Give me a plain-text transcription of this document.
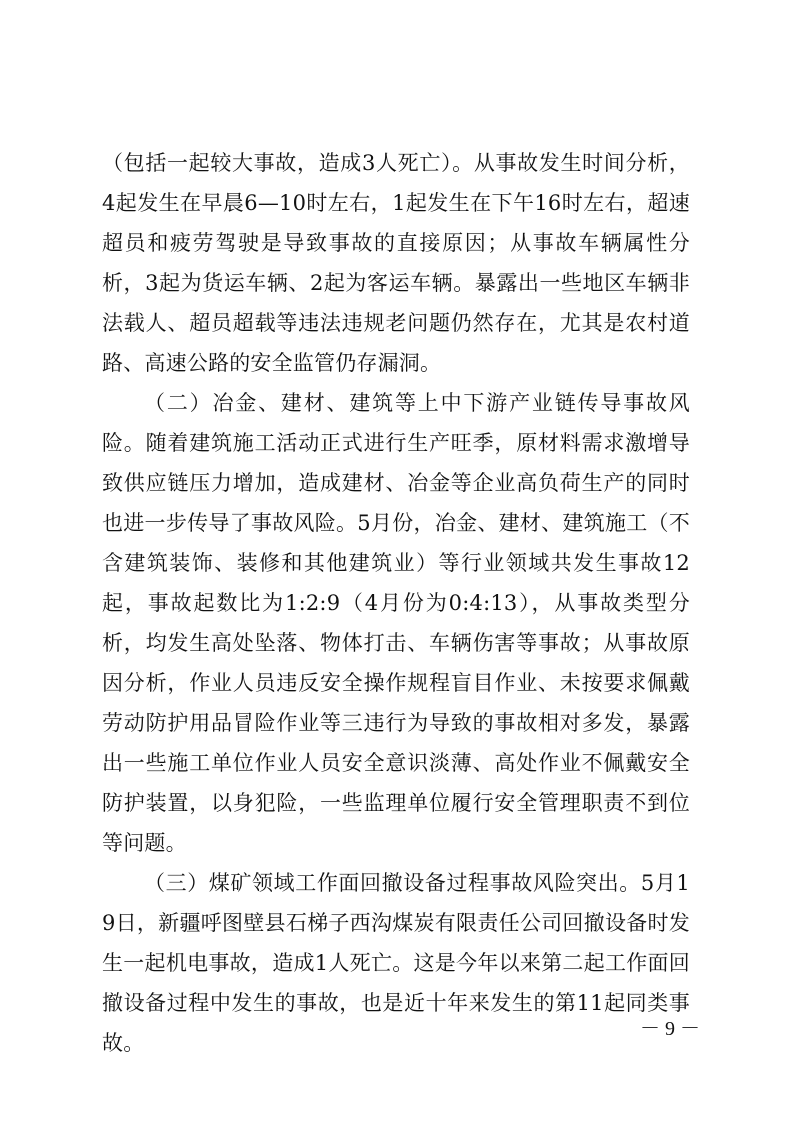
（包括一起较大事故，造成3人死亡）。从事故发生时间分析，4起发生在早晨6—10时左右，1起发生在下午16时左右，超速超员和疲劳驾驶是导致事故的直接原因；从事故车辆属性分析，3起为货运车辆、2起为客运车辆。暴露出一些地区车辆非法载人、超员超载等违法违规老问题仍然存在，尤其是农村道路、高速公路的安全监管仍存漏洞。

（二）冶金、建材、建筑等上中下游产业链传导事故风险。随着建筑施工活动正式进行生产旺季，原材料需求激增导致供应链压力增加，造成建材、冶金等企业高负荷生产的同时也进一步传导了事故风险。5月份，冶金、建材、建筑施工（不含建筑装饰、装修和其他建筑业）等行业领域共发生事故12起，事故起数比为1:2:9（4月份为0:4:13），从事故类型分析，均发生高处坠落、物体打击、车辆伤害等事故；从事故原因分析，作业人员违反安全操作规程盲目作业、未按要求佩戴劳动防护用品冒险作业等三违行为导致的事故相对多发，暴露出一些施工单位作业人员安全意识淡薄、高处作业不佩戴安全防护装置，以身犯险，一些监理单位履行安全管理职责不到位等问题。

（三）煤矿领域工作面回撤设备过程事故风险突出。5月19日，新疆呼图壁县石梯子西沟煤炭有限责任公司回撤设备时发生一起机电事故，造成1人死亡。这是今年以来第二起工作面回撤设备过程中发生的事故，也是近十年来发生的第11起同类事故。

－ 9 －
